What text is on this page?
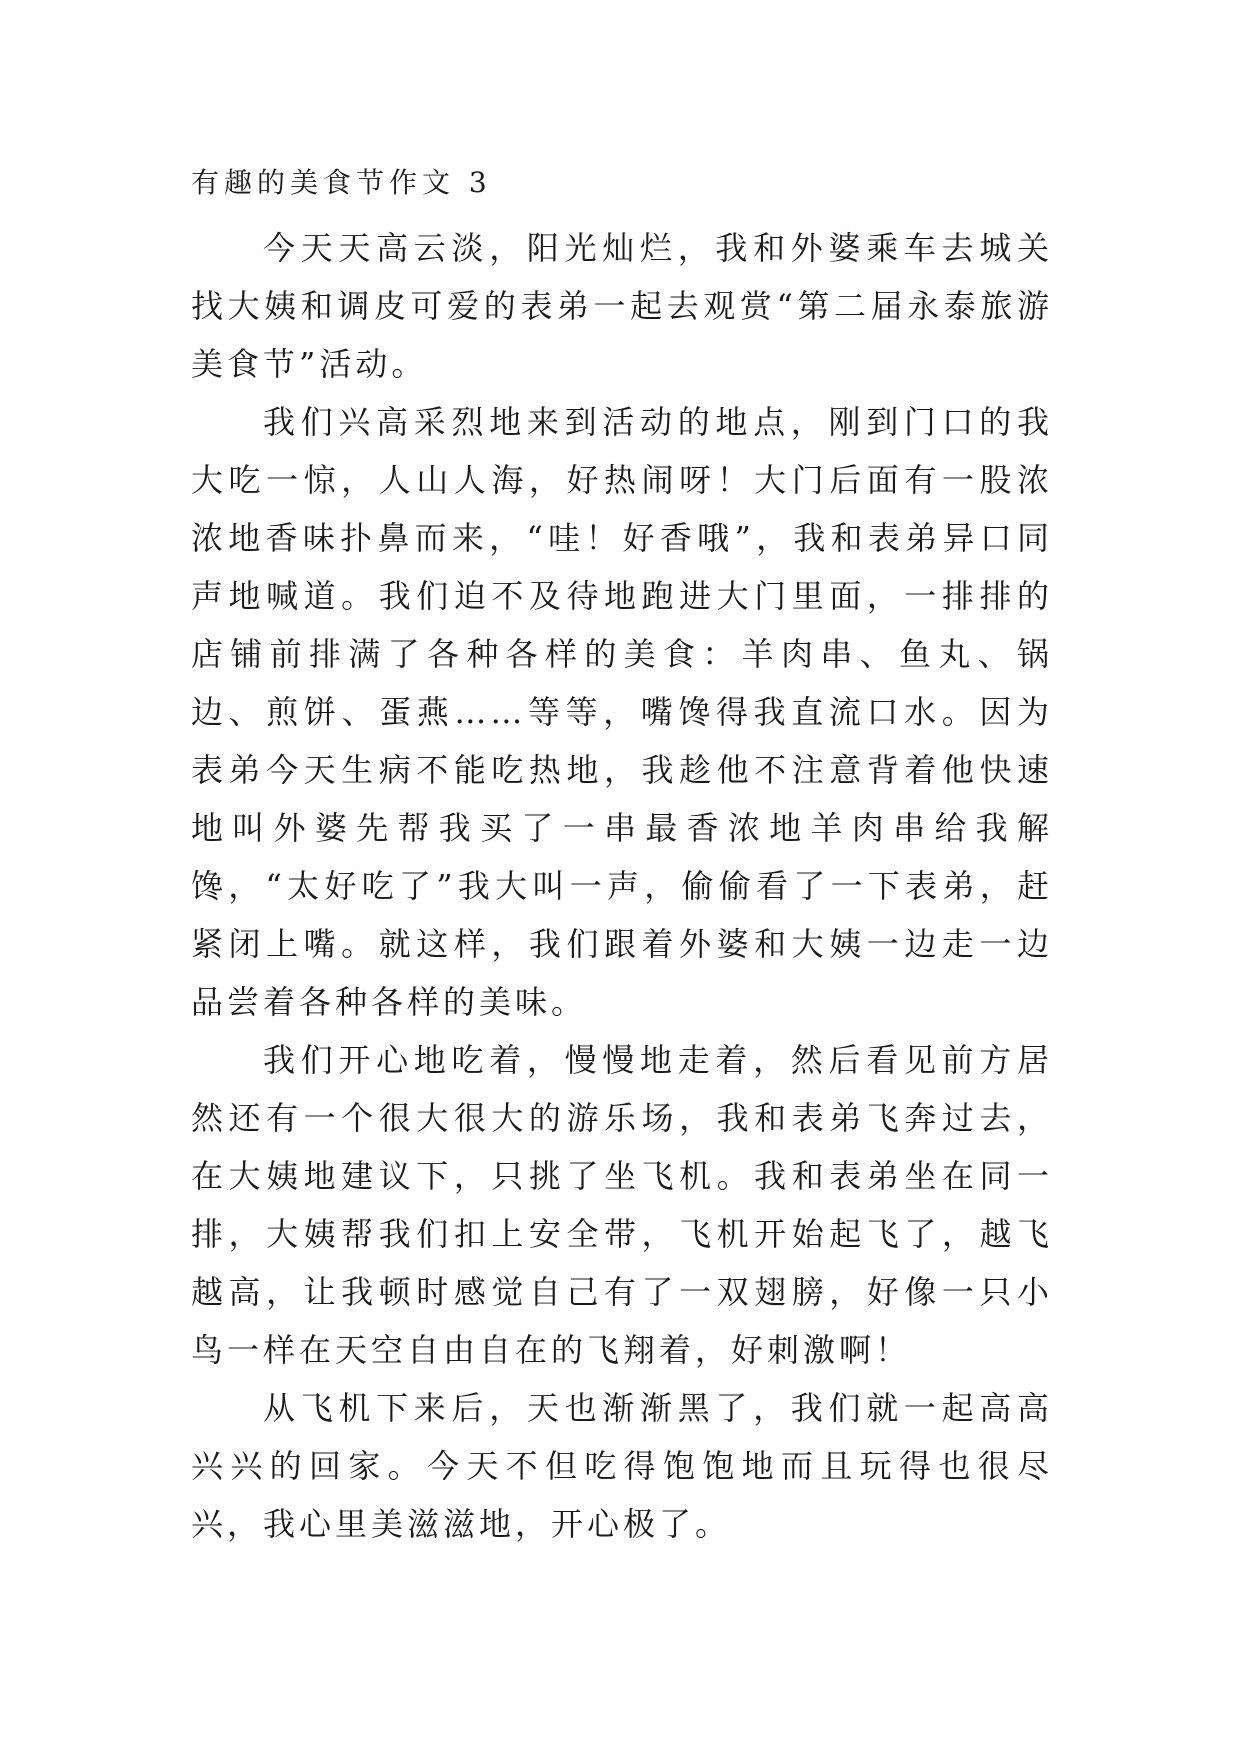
有趣的美食节作文 3

今天天高云淡，阳光灿烂，我和外婆乘车去城关找大姨和调皮可爱的表弟一起去观赏“第二届永泰旅游美食节”活动。

我们兴高采烈地来到活动的地点，刚到门口的我大吃一惊，人山人海，好热闹呀！大门后面有一股浓浓地香味扑鼻而来，“哇！好香哦”，我和表弟异口同声地喊道。我们迫不及待地跑进大门里面，一排排的店铺前排满了各种各样的美食：羊肉串、鱼丸、锅边、煎饼、蛋燕……等等，嘴馋得我直流口水。因为表弟今天生病不能吃热地，我趁他不注意背着他快速地叫外婆先帮我买了一串最香浓地羊肉串给我解馋，“太好吃了”我大叫一声，偷偷看了一下表弟，赶紧闭上嘴。就这样，我们跟着外婆和大姨一边走一边品尝着各种各样的美味。

我们开心地吃着，慢慢地走着，然后看见前方居然还有一个很大很大的游乐场，我和表弟飞奔过去，在大姨地建议下，只挑了坐飞机。我和表弟坐在同一排，大姨帮我们扣上安全带，飞机开始起飞了，越飞越高，让我顿时感觉自己有了一双翅膀，好像一只小鸟一样在天空自由自在的飞翔着，好刺激啊！

从飞机下来后，天也渐渐黑了，我们就一起高高兴兴的回家。今天不但吃得饱饱地而且玩得也很尽兴，我心里美滋滋地，开心极了。
